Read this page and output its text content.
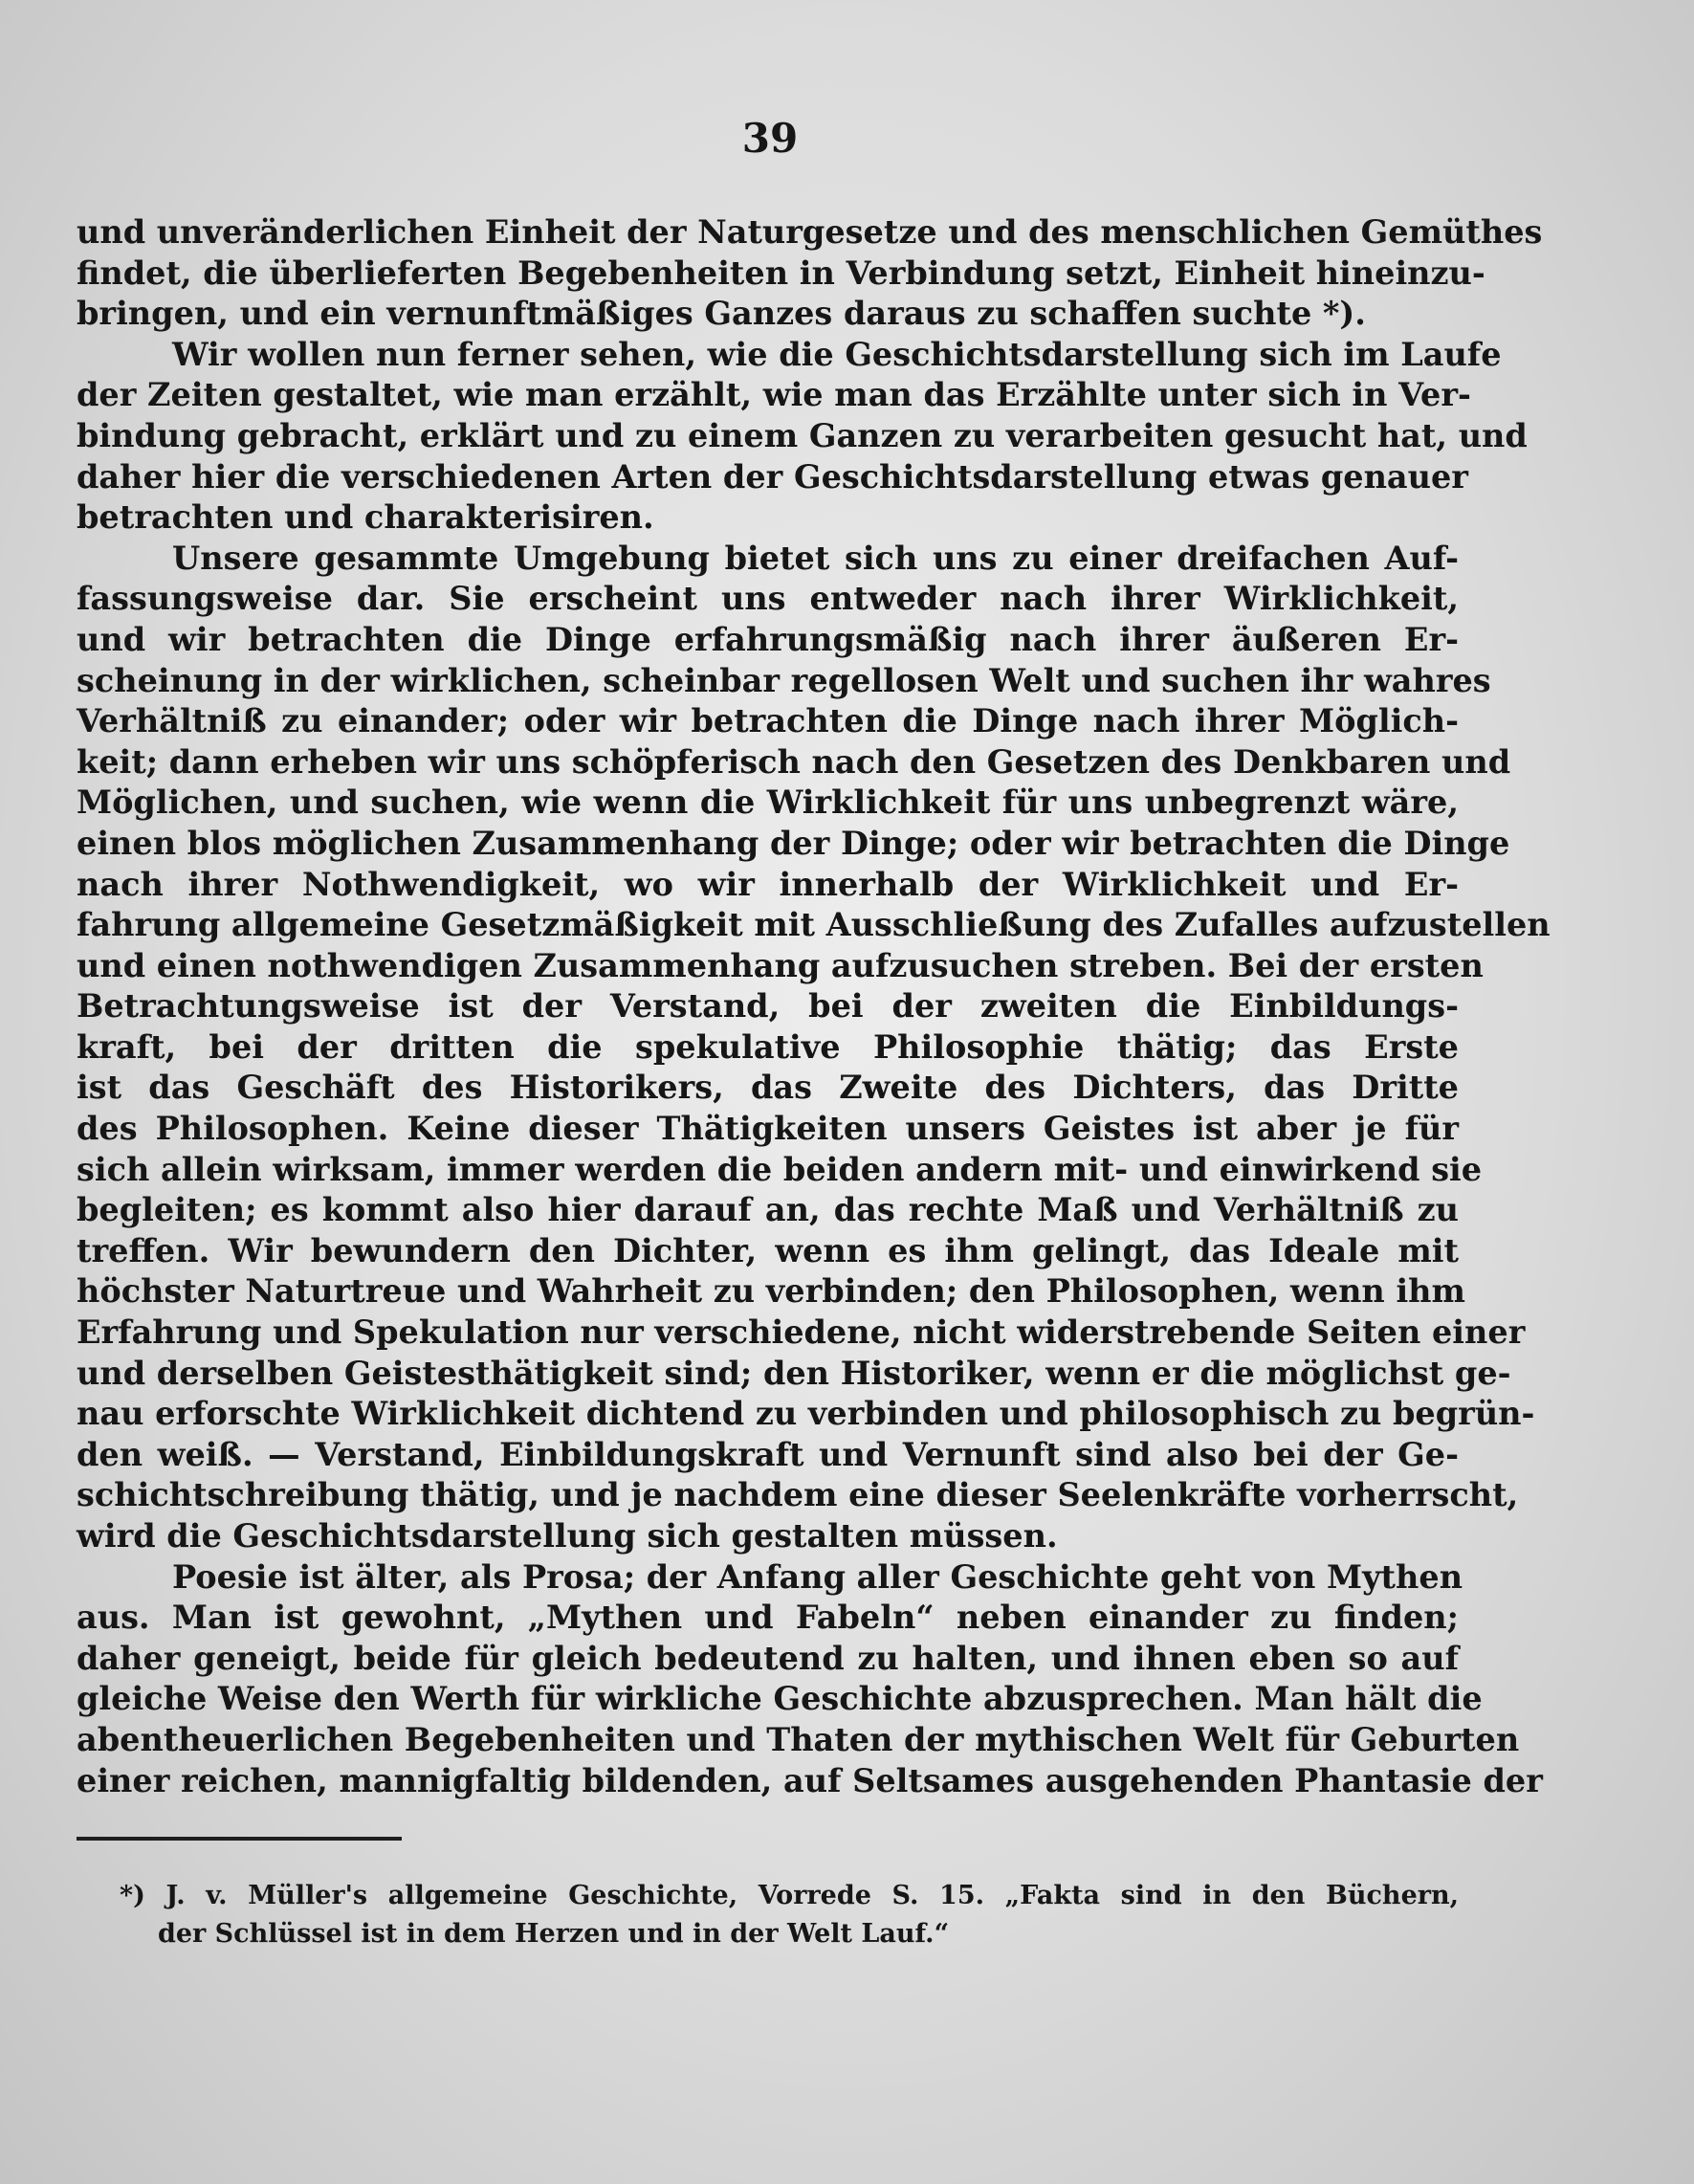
39
und unveränderlichen Einheit der Naturgesetze und des menschlichen Gemüthes
findet, die überlieferten Begebenheiten in Verbindung setzt, Einheit hineinzu-
bringen, und ein vernunftmäßiges Ganzes daraus zu schaffen suchte *).
Wir wollen nun ferner sehen, wie die Geschichtsdarstellung sich im Laufe
der Zeiten gestaltet, wie man erzählt, wie man das Erzählte unter sich in Ver-
bindung gebracht, erklärt und zu einem Ganzen zu verarbeiten gesucht hat, und
daher hier die verschiedenen Arten der Geschichtsdarstellung etwas genauer
betrachten und charakterisiren.
Unsere gesammte Umgebung bietet sich uns zu einer dreifachen Auf-
fassungsweise dar. Sie erscheint uns entweder nach ihrer Wirklichkeit,
und wir betrachten die Dinge erfahrungsmäßig nach ihrer äußeren Er-
scheinung in der wirklichen, scheinbar regellosen Welt und suchen ihr wahres
Verhältniß zu einander; oder wir betrachten die Dinge nach ihrer Möglich-
keit; dann erheben wir uns schöpferisch nach den Gesetzen des Denkbaren und
Möglichen, und suchen, wie wenn die Wirklichkeit für uns unbegrenzt wäre,
einen blos möglichen Zusammenhang der Dinge; oder wir betrachten die Dinge
nach ihrer Nothwendigkeit, wo wir innerhalb der Wirklichkeit und Er-
fahrung allgemeine Gesetzmäßigkeit mit Ausschließung des Zufalles aufzustellen
und einen nothwendigen Zusammenhang aufzusuchen streben. Bei der ersten
Betrachtungsweise ist der Verstand, bei der zweiten die Einbildungs-
kraft, bei der dritten die spekulative Philosophie thätig; das Erste
ist das Geschäft des Historikers, das Zweite des Dichters, das Dritte
des Philosophen. Keine dieser Thätigkeiten unsers Geistes ist aber je für
sich allein wirksam, immer werden die beiden andern mit- und einwirkend sie
begleiten; es kommt also hier darauf an, das rechte Maß und Verhältniß zu
treffen. Wir bewundern den Dichter, wenn es ihm gelingt, das Ideale mit
höchster Naturtreue und Wahrheit zu verbinden; den Philosophen, wenn ihm
Erfahrung und Spekulation nur verschiedene, nicht widerstrebende Seiten einer
und derselben Geistesthätigkeit sind; den Historiker, wenn er die möglichst ge-
nau erforschte Wirklichkeit dichtend zu verbinden und philosophisch zu begrün-
den weiß. — Verstand, Einbildungskraft und Vernunft sind also bei der Ge-
schichtschreibung thätig, und je nachdem eine dieser Seelenkräfte vorherrscht,
wird die Geschichtsdarstellung sich gestalten müssen.
Poesie ist älter, als Prosa; der Anfang aller Geschichte geht von Mythen
aus. Man ist gewohnt, „Mythen und Fabeln“ neben einander zu finden;
daher geneigt, beide für gleich bedeutend zu halten, und ihnen eben so auf
gleiche Weise den Werth für wirkliche Geschichte abzusprechen. Man hält die
abentheuerlichen Begebenheiten und Thaten der mythischen Welt für Geburten
einer reichen, mannigfaltig bildenden, auf Seltsames ausgehenden Phantasie der
*) J. v. Müller's allgemeine Geschichte, Vorrede S. 15. „Fakta sind in den Büchern,
der Schlüssel ist in dem Herzen und in der Welt Lauf.“
